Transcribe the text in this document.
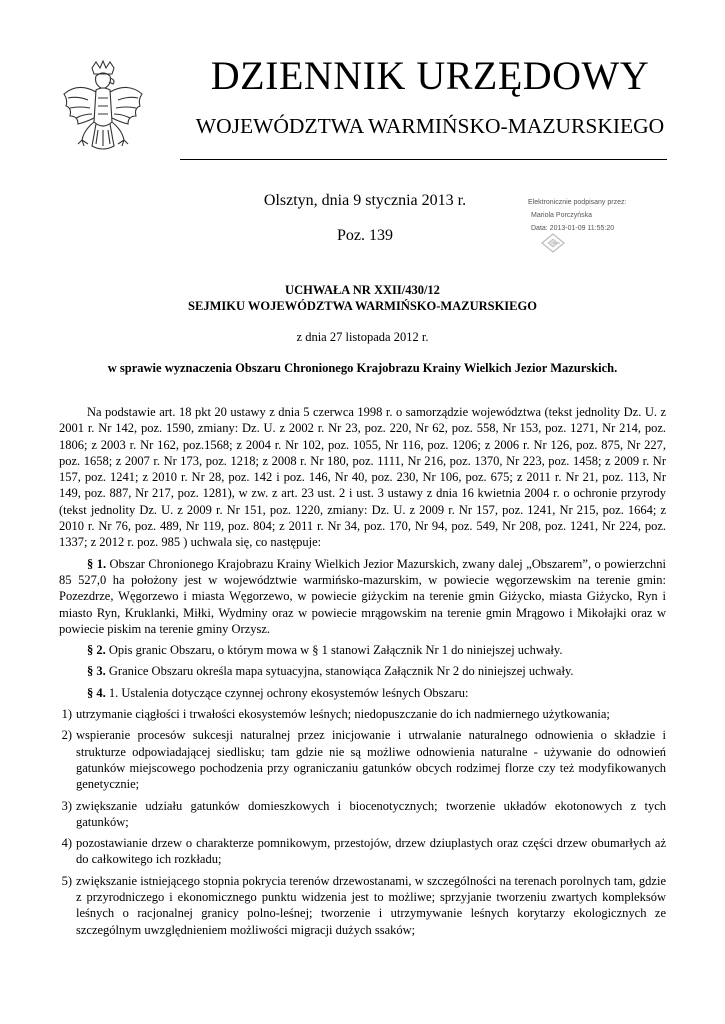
DZIENNIK URZĘDOWY
WOJEWÓDZTWA WARMIŃSKO-MAZURSKIEGO
Olsztyn, dnia 9 stycznia 2013 r.
Poz. 139
Elektronicznie podpisany przez:
Mariola Porczyńska
Data: 2013-01-09 11:55:20
UCHWAŁA NR XXII/430/12
SEJMIKU WOJEWÓDZTWA WARMIŃSKO-MAZURSKIEGO
z dnia 27 listopada 2012 r.
w sprawie wyznaczenia Obszaru Chronionego Krajobrazu Krainy Wielkich Jezior Mazurskich.

Na podstawie art. 18 pkt 20 ustawy z dnia 5 czerwca 1998 r. o samorządzie województwa (tekst jednolity Dz. U. z 2001 r. Nr 142, poz. 1590, zmiany: Dz. U. z 2002 r. Nr 23, poz. 220, Nr 62, poz. 558, Nr 153, poz. 1271, Nr 214, poz. 1806; z 2003 r. Nr 162, poz.1568; z 2004 r. Nr 102, poz. 1055, Nr 116, poz. 1206; z 2006 r. Nr 126, poz. 875, Nr 227, poz. 1658; z 2007 r. Nr 173, poz. 1218; z 2008 r. Nr 180, poz. 1111, Nr 216, poz. 1370, Nr 223, poz. 1458; z 2009 r. Nr 157, poz. 1241; z 2010 r. Nr 28, poz. 142 i poz. 146, Nr 40, poz. 230, Nr 106, poz. 675; z 2011 r. Nr 21, poz. 113, Nr 149, poz. 887, Nr 217, poz. 1281), w zw. z art. 23 ust. 2 i ust. 3 ustawy z dnia 16 kwietnia 2004 r. o ochronie przyrody (tekst jednolity Dz. U. z 2009 r. Nr 151, poz. 1220, zmiany: Dz. U. z 2009 r. Nr 157, poz. 1241, Nr 215, poz. 1664; z 2010 r. Nr 76, poz. 489, Nr 119, poz. 804; z 2011 r. Nr 34, poz. 170, Nr 94, poz. 549, Nr 208, poz. 1241, Nr 224, poz. 1337; z 2012 r. poz. 985 ) uchwala się, co następuje:

§ 1. Obszar Chronionego Krajobrazu Krainy Wielkich Jezior Mazurskich, zwany dalej „Obszarem”, o powierzchni 85 527,0 ha położony jest w województwie warmińsko-mazurskim, w powiecie węgorzewskim na terenie gmin: Pozezdrze, Węgorzewo i miasta Węgorzewo, w powiecie giżyckim na terenie gmin Giżycko, miasta Giżycko, Ryn i miasto Ryn, Kruklanki, Miłki, Wydminy oraz w powiecie mrągowskim na terenie gmin Mrągowo i Mikołajki oraz w powiecie piskim na terenie gminy Orzysz.

§ 2. Opis granic Obszaru, o którym mowa w § 1 stanowi Załącznik Nr 1 do niniejszej uchwały.

§ 3. Granice Obszaru określa mapa sytuacyjna, stanowiąca Załącznik Nr 2 do niniejszej uchwały.

§ 4. 1. Ustalenia dotyczące czynnej ochrony ekosystemów leśnych Obszaru:

1) utrzymanie ciągłości i trwałości ekosystemów leśnych; niedopuszczanie do ich nadmiernego użytkowania;
2) wspieranie procesów sukcesji naturalnej przez inicjowanie i utrwalanie naturalnego odnowienia o składzie i strukturze odpowiadającej siedlisku; tam gdzie nie są możliwe odnowienia naturalne - używanie do odnowień gatunków miejscowego pochodzenia przy ograniczaniu gatunków obcych rodzimej florze czy też modyfikowanych genetycznie;
3) zwiększanie udziału gatunków domieszkowych i biocenotycznych; tworzenie układów ekotonowych z tych gatunków;
4) pozostawianie drzew o charakterze pomnikowym, przestojów, drzew dziuplastych oraz części drzew obumarłych aż do całkowitego ich rozkładu;
5) zwiększanie istniejącego stopnia pokrycia terenów drzewostanami, w szczególności na terenach porolnych tam, gdzie z przyrodniczego i ekonomicznego punktu widzenia jest to możliwe; sprzyjanie tworzeniu zwartych kompleksów leśnych o racjonalnej granicy polno-leśnej; tworzenie i utrzymywanie leśnych korytarzy ekologicznych ze szczególnym uwzględnieniem możliwości migracji dużych ssaków;
